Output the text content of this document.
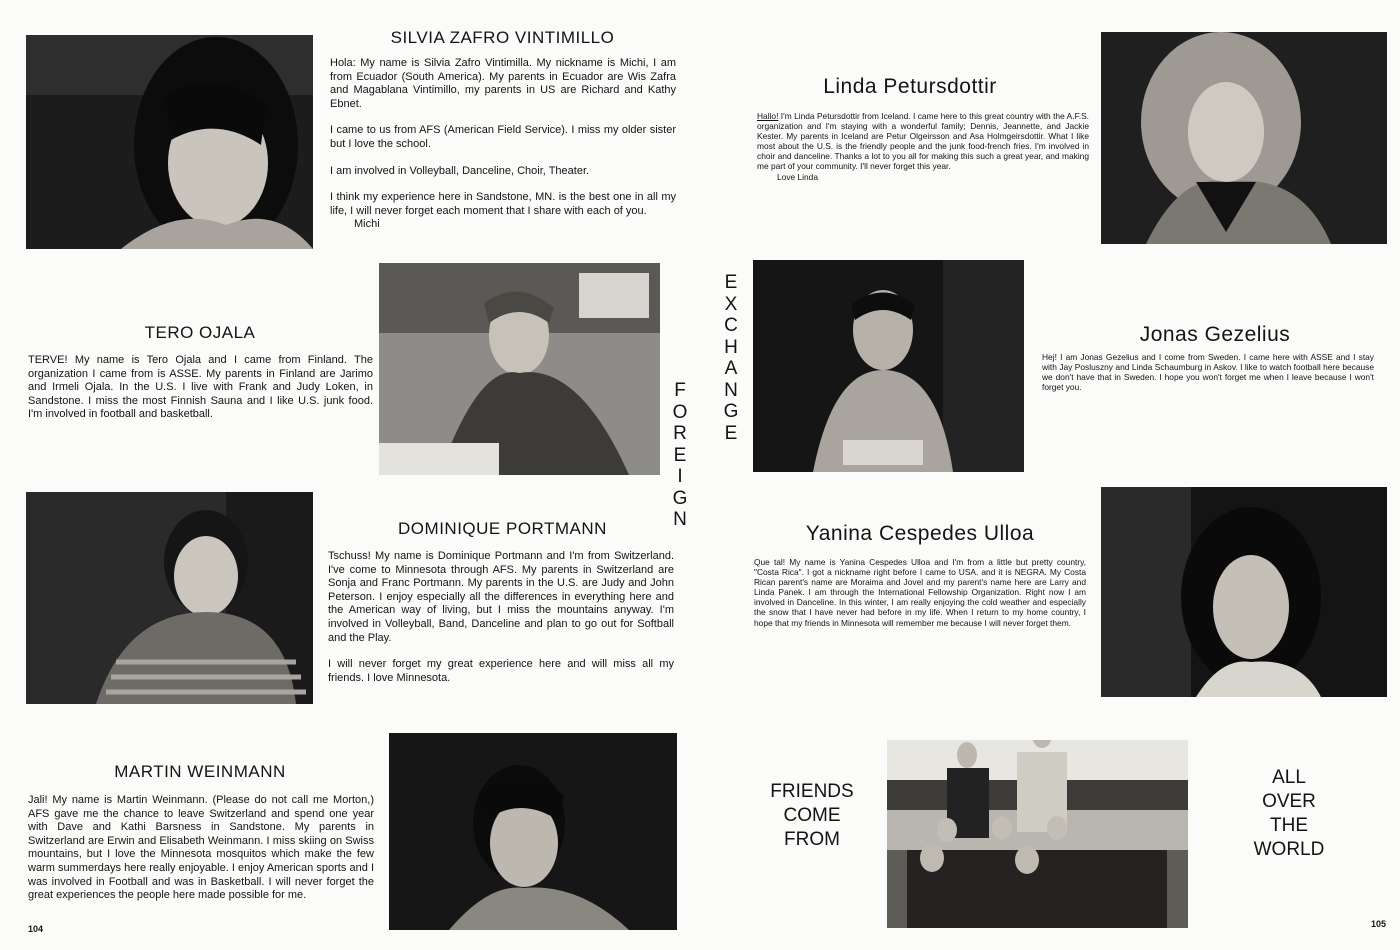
SILVIA ZAFRO VINTIMILLO

Hola: My name is Silvia Zafro Vintimilla. My nickname is Michi, I am from Ecuador (South America). My parents in Ecuador are Wis Zafra and Magablana Vintimillo, my parents in US are Richard and Kathy Ebnet.

I came to us from AFS (American Field Service). I miss my older sister but I love the school.

I am involved in Volleyball, Danceline, Choir, Theater.

I think my experience here in Sandstone, MN. is the best one in all my life, I will never forget each moment that I share with each of you.

Michi
TERO OJALA

TERVE! My name is Tero Ojala and I came from Finland. The organization I came from is ASSE. My parents in Finland are Jarimo and Irmeli Ojala. In the U.S. I live with Frank and Judy Loken, in Sandstone. I miss the most Finnish Sauna and I like U.S. junk food. I'm involved in football and basketball.

DOMINIQUE PORTMANN

Tschuss! My name is Dominique Portmann and I'm from Switzerland. I've come to Minnesota through AFS. My parents in Switzerland are Sonja and Franc Portmann. My parents in the U.S. are Judy and John Peterson. I enjoy especially all the differences in everything here and the American way of living, but I miss the mountains anyway. I'm involved in Volleyball, Band, Danceline and plan to go out for Softball and the Play.

I will never forget my great experience here and will miss all my friends. I love Minnesota.

MARTIN WEINMANN

Jali! My name is Martin Weinmann. (Please do not call me Morton,) AFS gave me the chance to leave Switzerland and spend one year with Dave and Kathi Barsness in Sandstone. My parents in Switzerland are Erwin and Elisabeth Weinmann. I miss skiing on Swiss mountains, but I love the Minnesota mosquitos which make the few warm summerdays here really enjoyable. I enjoy American sports and I was involved in Football and was in Basketball. I will never forget the great experiences the people here made possible for me.

F
O
R
E
I
G
N
104
E
X
C
H
A
N
G
E
Linda Petursdottir

Hallo! I'm Linda Petursdottir from Iceland. I came here to this great country with the A.F.S. organization and I'm staying with a wonderful family; Dennis, Jeannette, and Jackie Kester. My parents in Iceland are Petur Olgeirsson and Asa Holmgeirsdottir. What I like most about the U.S. is the friendly people and the junk food-french fries. I'm involved in choir and danceline. Thanks a lot to you all for making this such a great year, and making me part of your community. I'll never forget this year.

Love Linda
Jonas Gezelius

Hej! I am Jonas Gezelius and I come from Sweden. I came here with ASSE and I stay with Jay Posluszny and Linda Schaumburg in Askov. I like to watch football here because we don't have that in Sweden. I hope you won't forget me when I leave because I won't forget you.

Yanina Cespedes Ulloa

Que tal! My name is Yanina Cespedes Ulloa and I'm from a little but pretty country, "Costa Rica". I got a nickname right before I came to USA. and it is NEGRA. My Costa Rican parent's name are Moraima and Jovel and my parent's name here are Larry and Linda Panek. I am through the International Fellowship Organization. Right now I am involved in Danceline. In this winter, I am really enjoying the cold weather and especially the snow that I have never had before in my life. When I return to my home country, I hope that my friends in Minnesota will remember me because I will never forget them.

FRIENDS
COME
FROM
ALL
OVER
THE
WORLD
105
